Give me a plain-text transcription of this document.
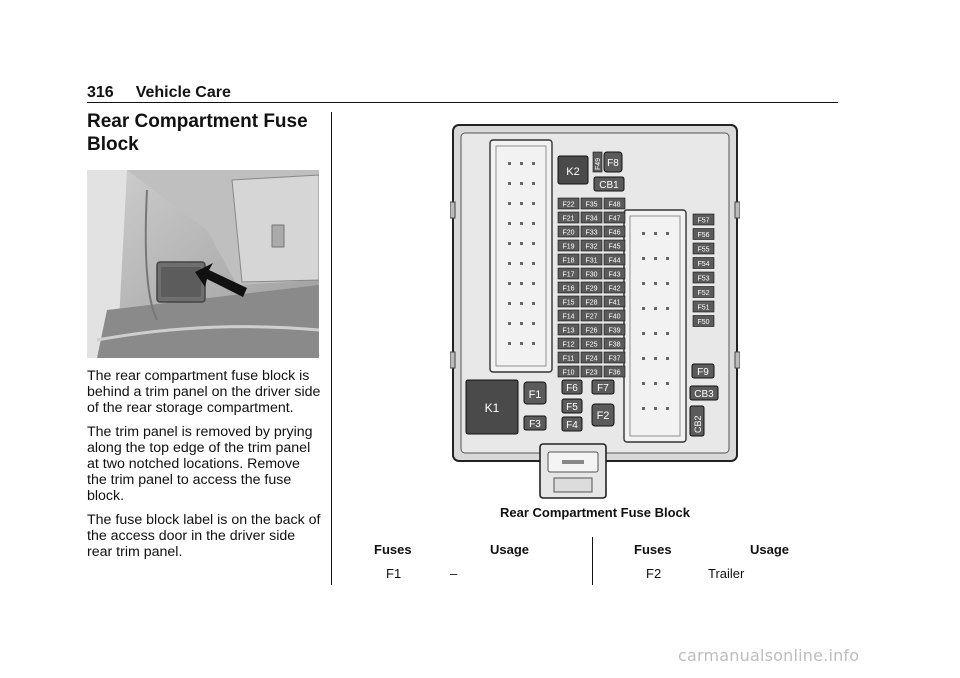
316 Vehicle Care
Rear Compartment Fuse Block

The rear compartment fuse block is behind a trim panel on the driver side of the rear storage compartment.

The trim panel is removed by prying along the top edge of the trim panel at two notched locations. Remove the trim panel to access the fuse block.

The fuse block label is on the back of the access door in the driver side rear trim panel.

K2
F49 F8
CB1
F22 F35 F48
F21 F34 F47
F20 F33 F46
F19 F32 F45
F18 F31 F44
F17 F30 F43
F16 F29 F42
F15 F28 F41
F14 F27 F40
F13 F26 F39
F12 F25 F38
F11 F24 F37
F10 F23 F36
F57
F56
F55
F54
F53
F52
F51
F50
K1
F1
F3
F6
F5
F4
F7
F2
F9
CB3
CB2
Rear Compartment Fuse Block
Fuses	Usage	Fuses	Usage
F1	–	F2	Trailer
carmanualsonline.info
